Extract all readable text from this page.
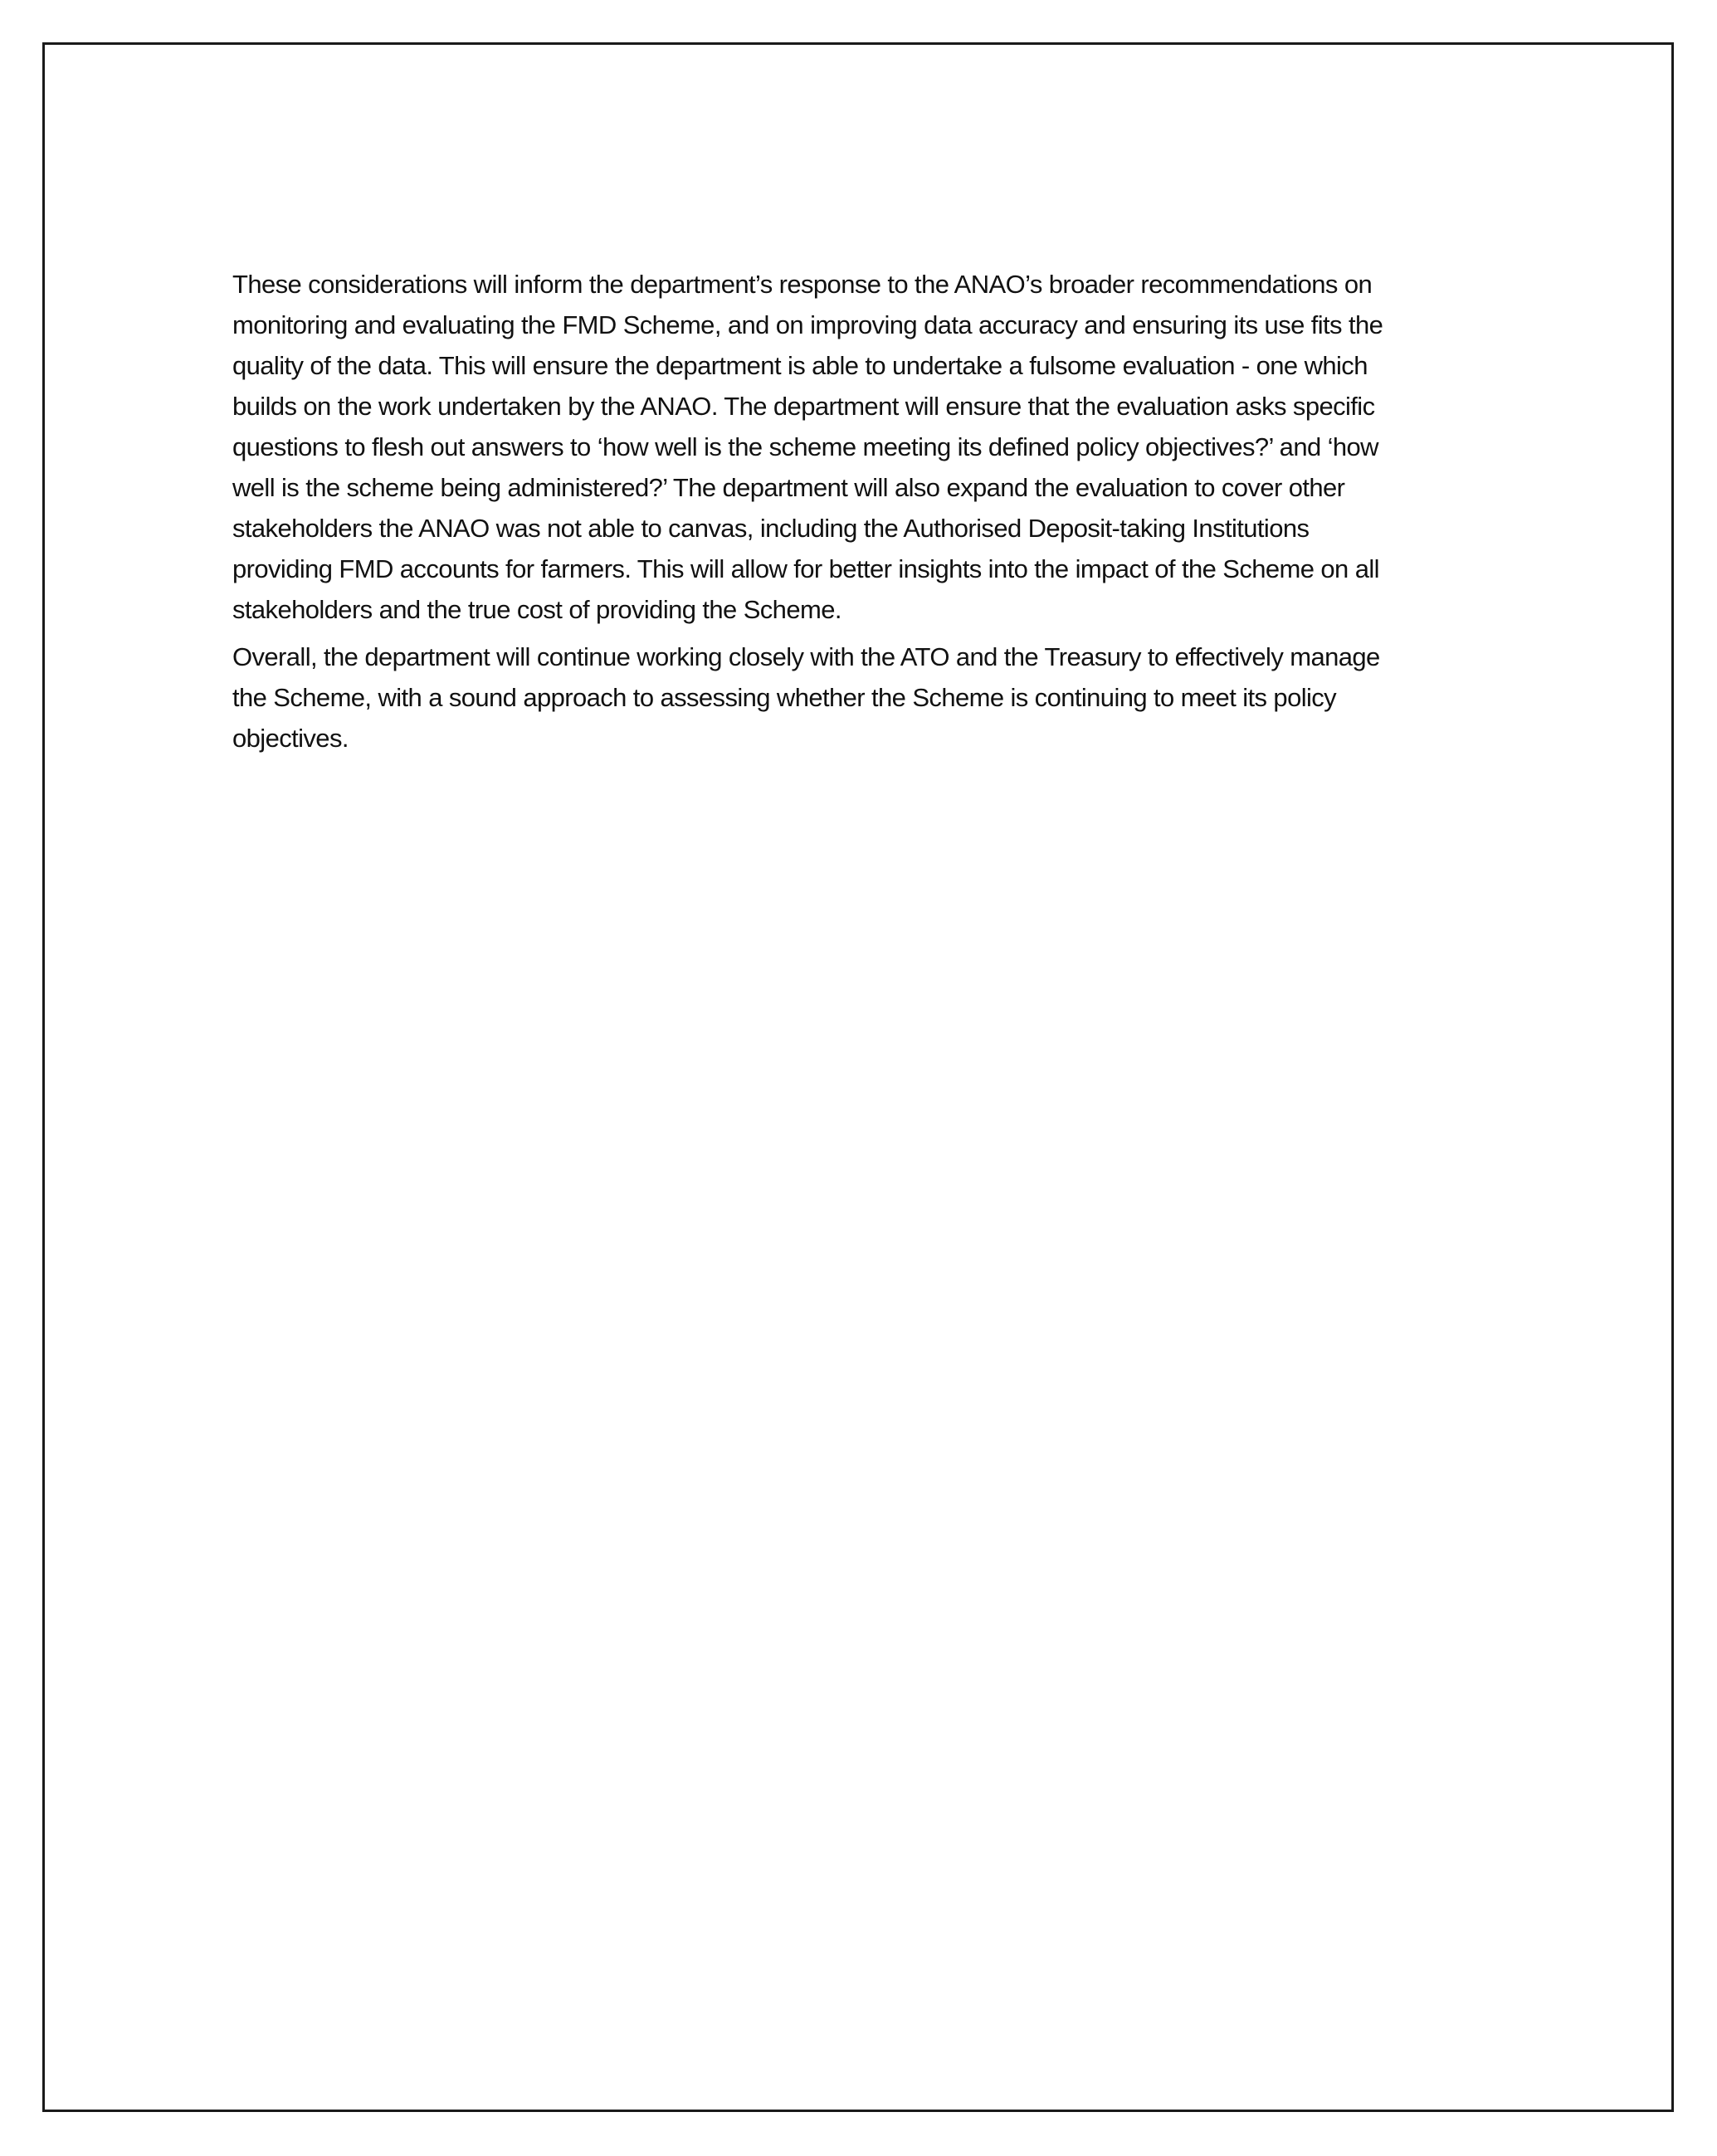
These considerations will inform the department’s response to the ANAO’s broader recommendations on
monitoring and evaluating the FMD Scheme, and on improving data accuracy and ensuring its use fits the
quality of the data. This will ensure the department is able to undertake a fulsome evaluation - one which
builds on the work undertaken by the ANAO. The department will ensure that the evaluation asks specific
questions to flesh out answers to ‘how well is the scheme meeting its defined policy objectives?’ and ‘how
well is the scheme being administered?’ The department will also expand the evaluation to cover other
stakeholders the ANAO was not able to canvas, including the Authorised Deposit-taking Institutions
providing FMD accounts for farmers. This will allow for better insights into the impact of the Scheme on all
stakeholders and the true cost of providing the Scheme.

Overall, the department will continue working closely with the ATO and the Treasury to effectively manage
the Scheme, with a sound approach to assessing whether the Scheme is continuing to meet its policy
objectives.
